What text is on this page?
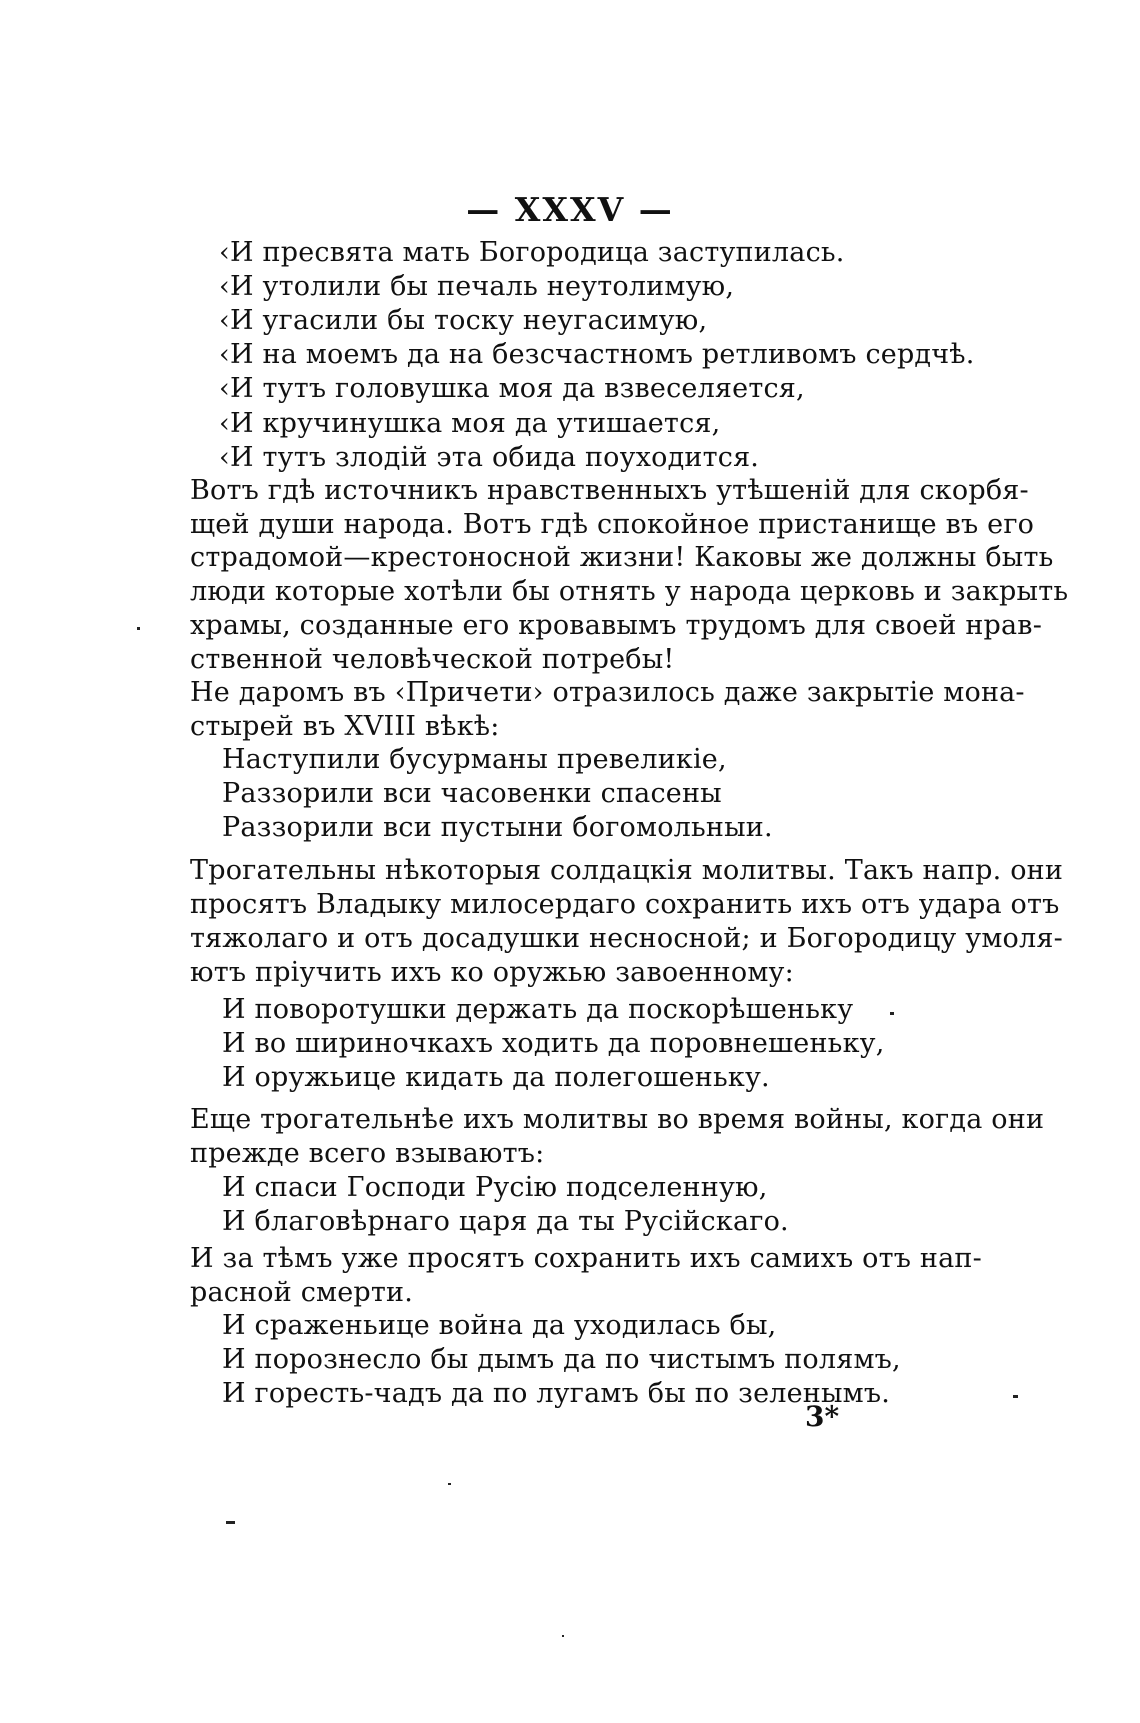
— XXXV —
‹И пресвята мать Богородица заступилась.
‹И утолили бы печаль неутолимую,
‹И угасили бы тоску неугасимую,
‹И на моемъ да на безсчастномъ ретливомъ сердчѣ.
‹И тутъ головушка моя да взвеселяется,
‹И кручинушка моя да утишается,
‹И тутъ злодiй эта обида поуходится.
Вотъ гдѣ источникъ нравственныхъ утѣшенiй для скорбя-
щей души народа. Вотъ гдѣ спокойное пристанище въ его
страдомой—крестоносной жизни! Каковы же должны быть
люди которые хотѣли бы отнять у народа церковь и закрыть
храмы, созданные его кровавымъ трудомъ для своей нрав-
ственной человѣческой потребы!
Не даромъ въ ‹Причети› отразилось даже закрытiе мона-
стырей въ XVIII вѣкѣ:
Наступили бусурманы превеликiе,
Раззорили вси часовенки спасены
Раззорили вси пустыни богомольныи.
Трогательны нѣкоторыя солдацкiя молитвы. Такъ напр. они
просятъ Владыку милосердаго сохранить ихъ отъ удара отъ
тяжолаго и отъ досадушки несносной; и Богородицу умоля-
ютъ прiучить ихъ ко оружью завоенному:
И поворотушки держать да поскорѣшеньку
И во шириночкахъ ходить да поровнешеньку,
И оружьице кидать да полегошеньку.
Еще трогательнѣе ихъ молитвы во время войны, когда они
прежде всего взываютъ:
И спаси Господи Русiю подселенную,
И благовѣрнаго царя да ты Русiйскаго.
И за тѣмъ уже просятъ сохранить ихъ самихъ отъ нап-
расной смерти.
И сраженьице война да уходилась бы,
И порознесло бы дымъ да по чистымъ полямъ,
И горесть-чадъ да по лугамъ бы по зеленымъ.
3*
